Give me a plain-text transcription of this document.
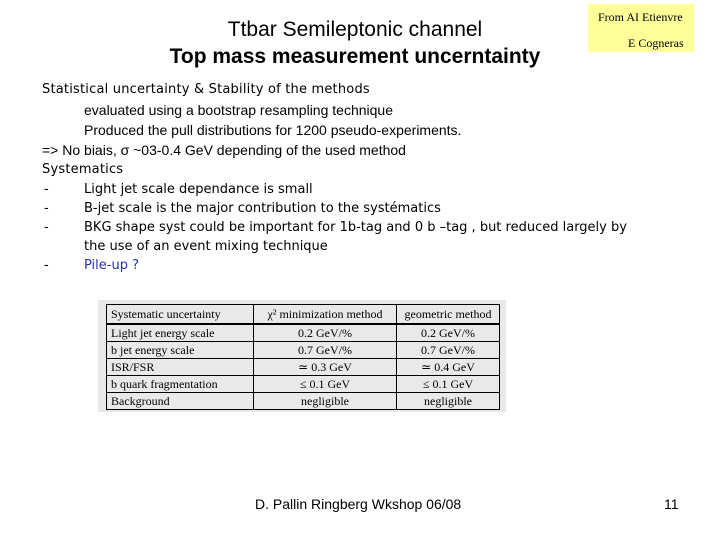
Ttbar Semileptonic channel
Top mass measurement uncerntainty
From AI Etienvre
E Cogneras
Statistical uncertainty & Stability of the methods
evaluated using a bootstrap resampling technique
Produced the pull distributions for 1200 pseudo-experiments.
=> No biais, σ ~03-0.4 GeV depending of the used method
Systematics
-	Light jet scale dependance is small
-	B-jet scale is the major contribution to the systématics
-	BKG shape syst could be important for 1b-tag and 0 b –tag , but reduced largely by the use of an event mixing technique
-	Pile-up ?
Systematic uncertainty	χ² minimization method	geometric method
Light jet energy scale	0.2 GeV/%	0.2 GeV/%
b jet energy scale	0.7 GeV/%	0.7 GeV/%
ISR/FSR	≃ 0.3 GeV	≃ 0.4 GeV
b quark fragmentation	≤ 0.1 GeV	≤ 0.1 GeV
Background	negligible	negligible
D. Pallin Ringberg Wkshop 06/08	11
